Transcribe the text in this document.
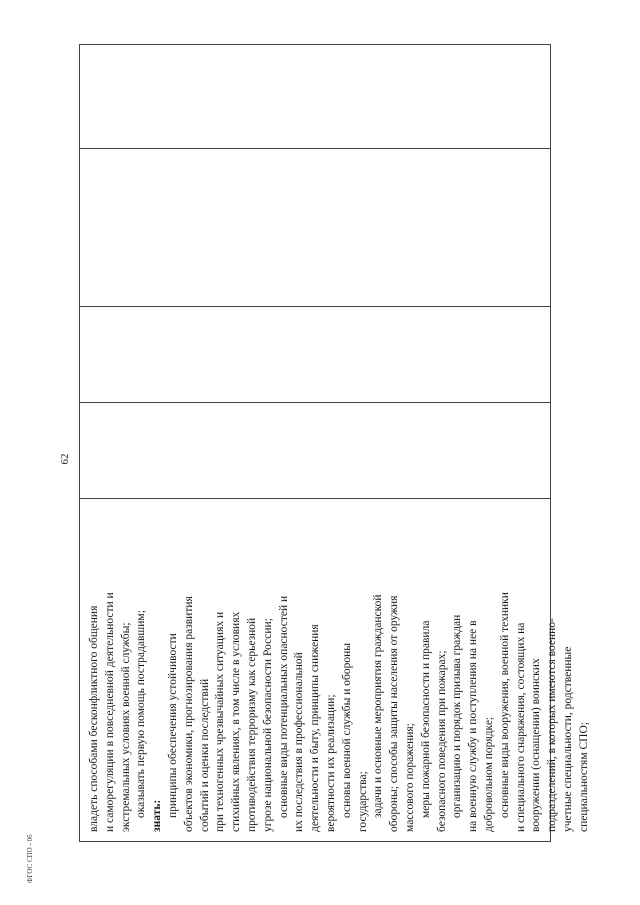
62
ФГОС СПО - 06
владеть способами бесконфликтного общения и саморегуляции в повседневной деятельности и экстремальных условиях военной службы; оказывать первую помощь пострадавшим; знать: принципы обеспечения устойчивости объектов экономики, прогнозирования развития событий и оценки последствий при техногенных чрезвычайных ситуациях и стихийных явлениях, в том числе в условиях противодействия терроризму как серьезной угрозе национальной безопасности России; основные виды потенциальных опасностей и их последствия в профессиональной деятельности и быту, принципы снижения вероятности их реализации; основы военной службы и обороны государства; задачи и основные мероприятия гражданской обороны; способы защиты населения от оружия массового поражения; меры пожарной безопасности и правила безопасного поведения при пожарах; организацию и порядок призыва граждан на военную службу и поступления на нее в добровольном порядке; основные виды вооружения, военной техники и специального снаряжения, состоящих на вооружении (оснащении) воинских подразделений, в которых имеются военно- учетные специальности, родственные специальностям СПО;
